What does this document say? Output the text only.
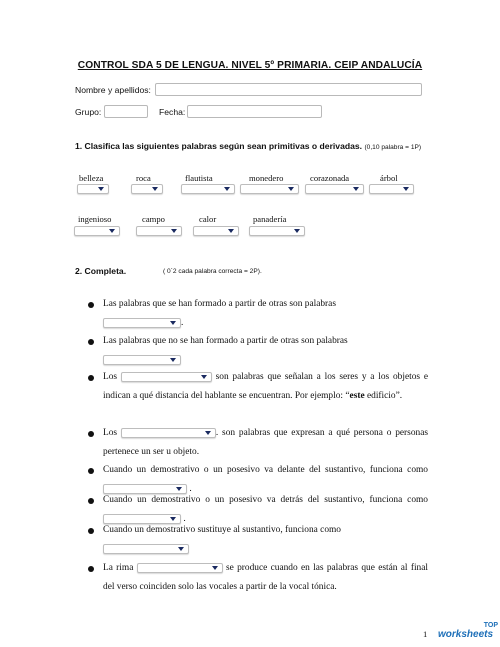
CONTROL SDA 5 DE LENGUA. NIVEL 5º PRIMARIA. CEIP ANDALUCÍA
Nombre y apellidos:
Grupo:	Fecha:
1. Clasifica las siguientes palabras según sean primitivas o derivadas. (0,10 palabra = 1P)
belleza	roca	flautista	monedero	corazonada	árbol
ingenioso	campo	calor	panadería
2. Completa.	( 0´2 cada palabra correcta = 2P).
Las palabras que se han formado a partir de otras son palabras

.
Las palabras que no se han formado a partir de otras son palabras

Los	son palabras que señalan a los seres y a los objetos e indican a qué distancia del hablante se encuentran. Por ejemplo: “este edificio”.
Los	. son palabras que expresan a qué persona o personas pertenece un ser u objeto.
Cuando un demostrativo o un posesivo va delante del sustantivo, funciona como
.
Cuando un demostrativo o un posesivo va detrás del sustantivo, funciona como
.
Cuando un demostrativo sustituye al sustantivo, funciona como

La rima	se produce cuando en las palabras que están al final del verso coinciden solo las vocales a partir de la vocal tónica.
1
TOP
worksheets
